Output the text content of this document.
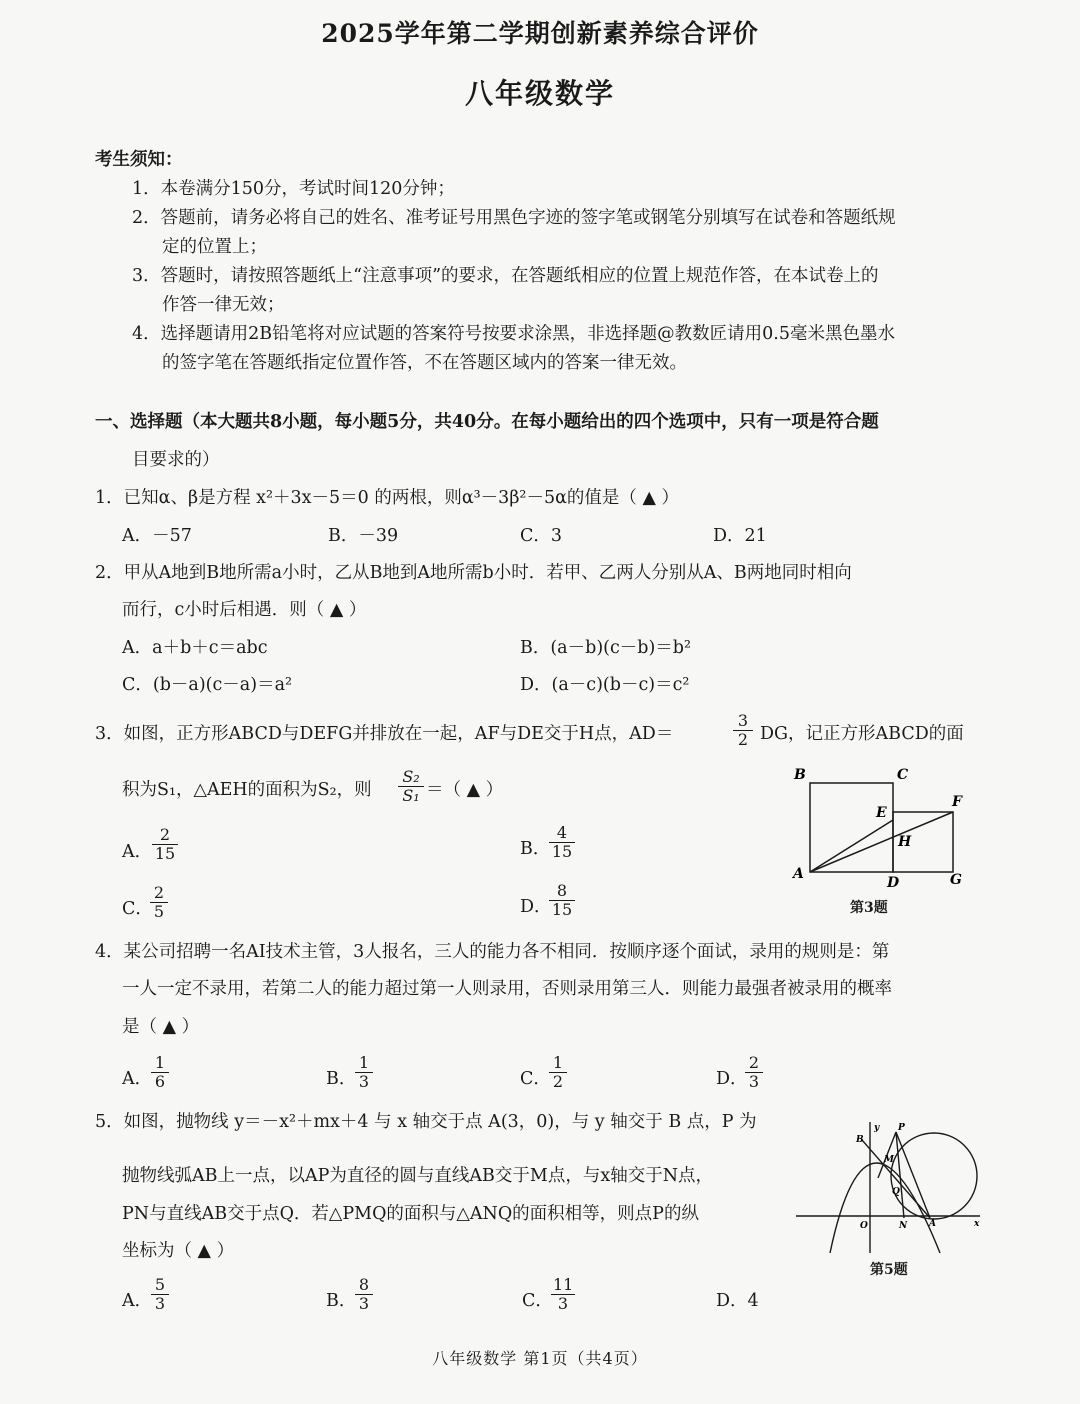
2025学年第二学期创新素养综合评价
八年级数学
考生须知：
1．本卷满分150分，考试时间120分钟；
2．答题前，请务必将自己的姓名、准考证号用黑色字迹的签字笔或钢笔分别填写在试卷和答题纸规
定的位置上；
3．答题时，请按照答题纸上“注意事项”的要求，在答题纸相应的位置上规范作答，在本试卷上的
作答一律无效；
4．选择题请用2B铅笔将对应试题的答案符号按要求涂黑，非选择题@教数匠请用0.5毫米黑色墨水
的签字笔在答题纸指定位置作答，不在答题区域内的答案一律无效。
一、选择题（本大题共8小题，每小题5分，共40分。在每小题给出的四个选项中，只有一项是符合题
目要求的）
1．已知α、β是方程 x²＋3x－5＝0 的两根，则α³－3β²－5α的值是（ ▲ ）
A．－57	B．－39	C．3	D．21
2．甲从A地到B地所需a小时，乙从B地到A地所需b小时．若甲、乙两人分别从A、B两地同时相向
而行，c小时后相遇．则（ ▲ ）
A．a＋b＋c＝abc	B．(a－b)(c－b)＝b²
C．(b－a)(c－a)＝a²	D．(a－c)(b－c)＝c²
3．如图，正方形ABCD与DEFG并排放在一起，AF与DE交于H点，AD＝	$\frac{3}{2}$ DG，记正方形ABCD的面
积为S₁，△AEH的面积为S₂，则 $\frac{\text{S₂}}{\text{S₁}}$ ＝（ ▲ ）
A． $\frac{2}{15}$	B．
$\frac{4}{15}$
C．
$\frac{2}{5}$	D．
$\frac{8}{15}$
B	C
E
F
H
A
D	G
第3题
4．某公司招聘一名AI技术主管，3人报名，三人的能力各不相同．按顺序逐个面试，录用的规则是：第
一人一定不录用，若第二人的能力超过第一人则录用，否则录用第三人．则能力最强者被录用的概率
是（ ▲ ）
A．
$\frac{1}{6}$	B．
$\frac{1}{3}$	C．
$\frac{1}{2}$	D．
$\frac{2}{3}$
5．如图，抛物线 y＝－x²＋mx＋4 与 x 轴交于点 A(3，0)，与 y 轴交于 B 点，P 为
抛物线弧AB上一点，以AP为直径的圆与直线AB交于M点，与x轴交于N点，
PN与直线AB交于点Q．若△PMQ的面积与△ANQ的面积相等，则点P的纵
坐标为（ ▲ ）
A．
$\frac{5}{3}$	B．
$\frac{8}{3}$	C．
$\frac{11}{3}$	D．4
B
y P
M
Q
O	N A	x
第5题
八年级数学 第1页（共4页）
